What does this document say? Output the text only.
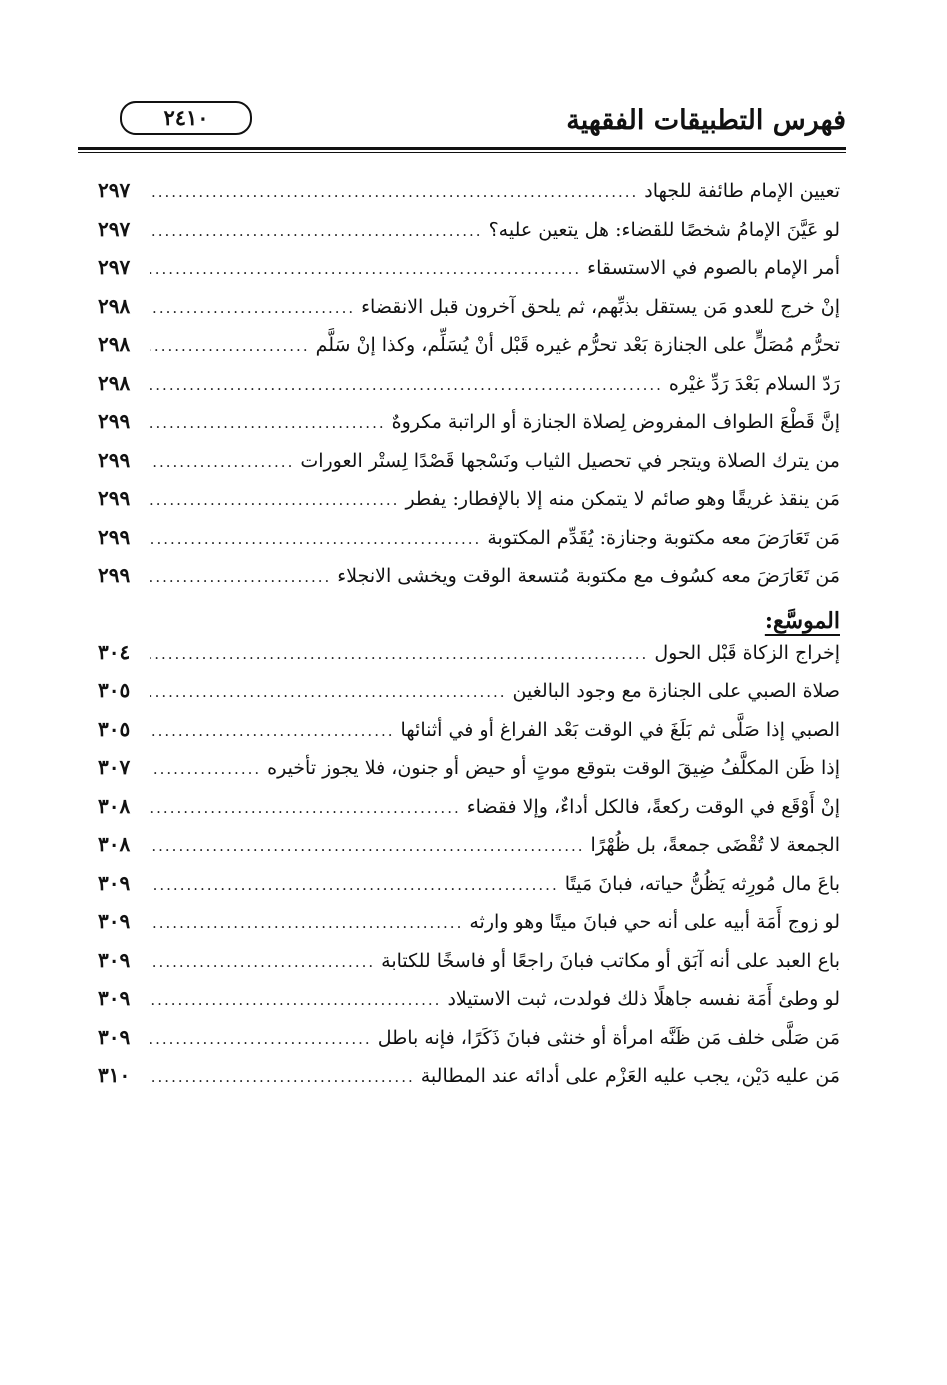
فهرس التطبيقات الفقهية
٢٤١٠
تعيين الإمام طائفة للجهاد
.....
٢٩٧
لو عَيَّنَ الإمامُ شخصًا للقضاء: هل يتعين عليه؟
.....
٢٩٧
أمر الإمام بالصوم في الاستسقاء
.....
٢٩٧
إنْ خرج للعدو مَن يستقل بذبِّهم، ثم يلحق آخرون قبل الانقضاء
.....
٢٩٨
تحرُّم مُصَلٍّ على الجنازة بَعْد تحرُّم غيره قَبْل أنْ يُسَلِّم، وكذا إنْ سَلَّم
.....
٢٩٨
رَدّ السلام بَعْدَ رَدِّ غيْره
.....
٢٩٨
إنَّ قَطْعَ الطواف المفروض لِصلاة الجنازة أو الراتبة مكروهٌ
.....
٢٩٩
من يترك الصلاة ويتجر في تحصيل الثياب ونَسْجها قَصْدًا لِستْر العورات
.....
٢٩٩
مَن ينقذ غريقًا وهو صائم لا يتمكن منه إلا بالإفطار: يفطر
.....
٢٩٩
مَن تَعَارَضَ معه مكتوبة وجنازة: يُقَدِّم المكتوبة
.....
٢٩٩
مَن تَعَارَضَ معه كسُوف مع مكتوبة مُتسعة الوقت ويخشى الانجلاء
.....
٢٩٩
الموسَّع:
إخراج الزكاة قَبْل الحول
.....
٣٠٤
صلاة الصبي على الجنازة مع وجود البالغين
.....
٣٠٥
الصبي إذا صَلَّى ثم بَلَغَ في الوقت بَعْد الفراغ أو في أثنائها
.....
٣٠٥
إذا ظَن المكلَّفُ ضِيقَ الوقت بتوقع موتٍ أو حيض أو جنون، فلا يجوز تأخيره
.....
٣٠٧
إنْ أَوْقَع في الوقت ركعةً، فالكل أداءٌ، وإلا فقضاء
.....
٣٠٨
الجمعة لا تُقْضَى جمعةً، بل ظُهْرًا
.....
٣٠٨
باعَ مال مُورِثه يَظُنُّ حياته، فبانَ مَيتًا
.....
٣٠٩
لو زوج أَمَة أبيه على أنه حي فبانَ ميتًا وهو وارثه
.....
٣٠٩
باع العبد على أنه آبَق أو مكاتب فبانَ راجعًا أو فاسخًا للكتابة
.....
٣٠٩
لو وطئ أَمَة نفسه جاهلًا ذلك فولدت، ثبت الاستيلاد
.....
٣٠٩
مَن صَلَّى خلف مَن ظَنَّه امرأة أو خنثى فبانَ ذَكَرًا، فإنه باطل
.....
٣٠٩
مَن عليه دَيْن، يجب عليه العَزْم على أدائه عند المطالبة
.....
٣١٠
